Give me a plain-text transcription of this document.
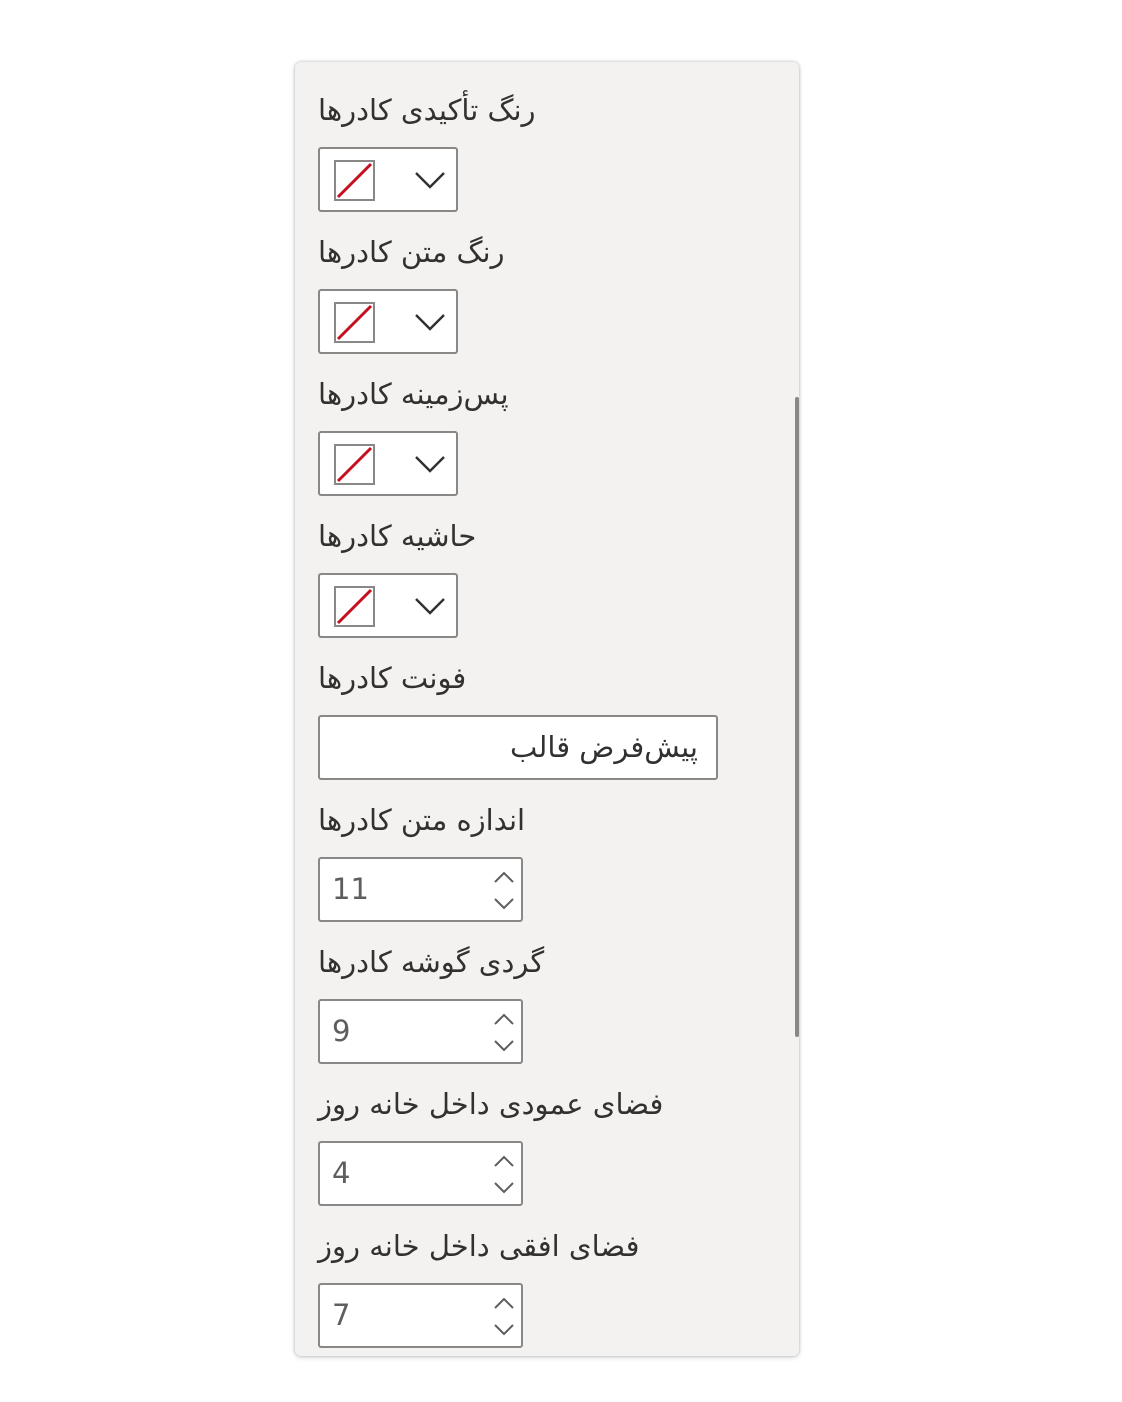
رنگ تأکیدی کادرها
رنگ متن کادرها
پس‌زمینه کادرها
حاشیه کادرها
فونت کادرها
پیش‌فرض قالب
اندازه متن کادرها
11
گردی گوشه کادرها
9
فضای عمودی داخل خانه روز
4
فضای افقی داخل خانه روز
7
